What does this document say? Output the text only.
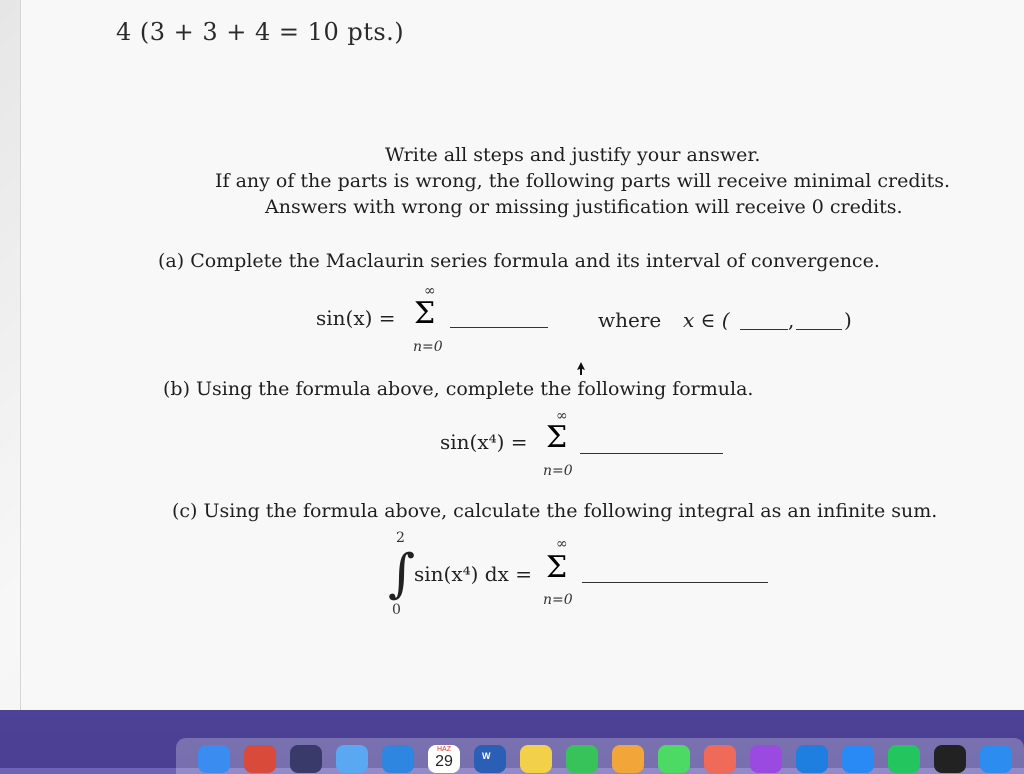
4 (3 + 3 + 4 = 10 pts.)
Write all steps and justify your answer.
If any of the parts is wrong, the following parts will receive minimal credits.
Answers with wrong or missing justification will receive 0 credits.
(a) Complete the Maclaurin series formula and its interval of convergence.
sin(x) =
∞
Σ
n=0
where x ∈ (	, )
(b) Using the formula above, complete the following formula.
sin(x⁴) =
∞
Σ
n=0
(c) Using the formula above, calculate the following integral as an infinite sum.
2
∫
0
sin(x⁴) dx =
∞
Σ
n=0
HAZ
29	W
